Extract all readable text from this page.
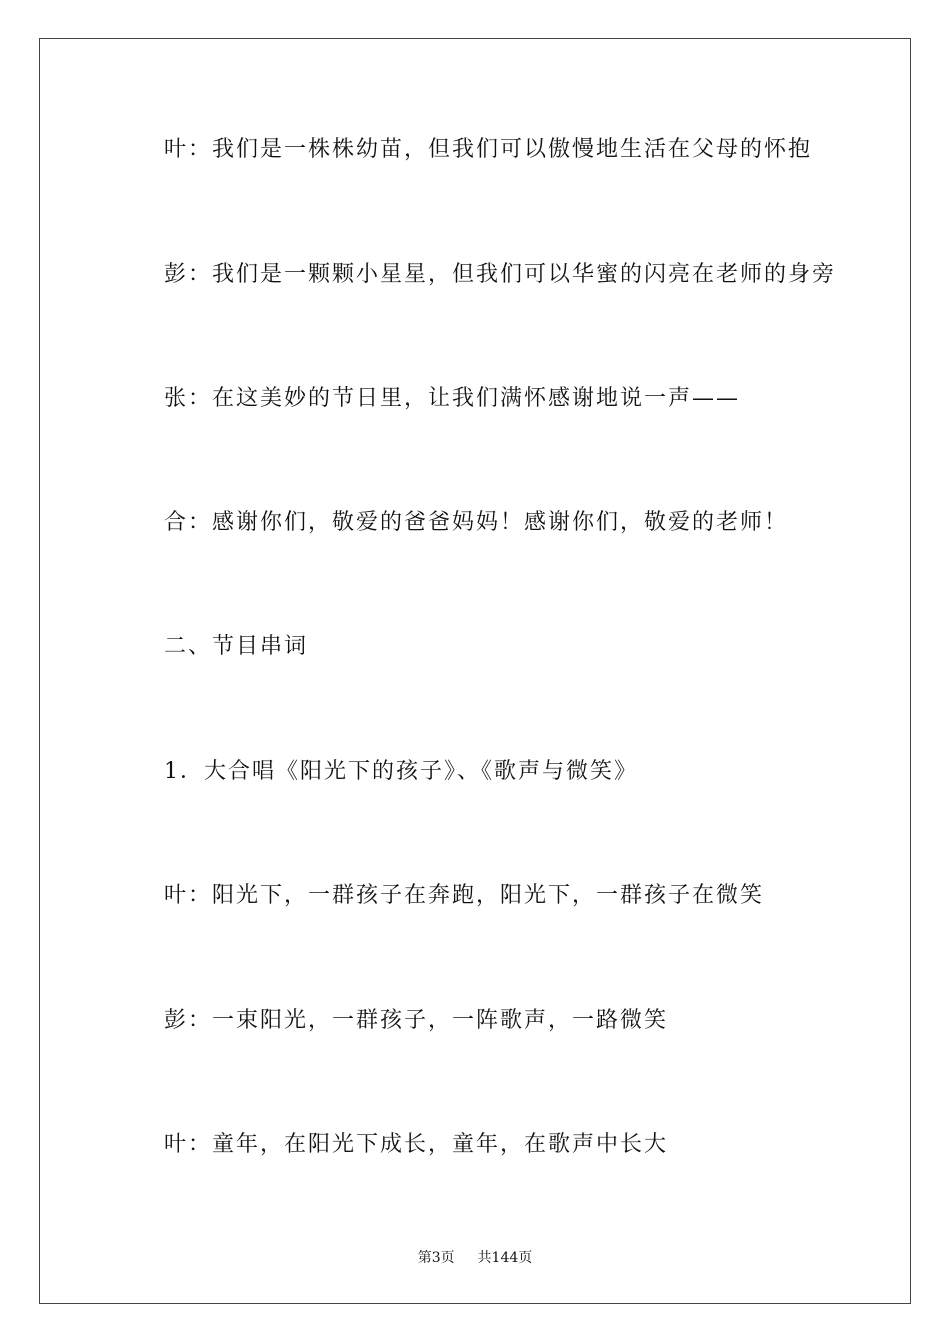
叶：我们是一株株幼苗，但我们可以傲慢地生活在父母的怀抱
彭：我们是一颗颗小星星，但我们可以华蜜的闪亮在老师的身旁
张：在这美妙的节日里，让我们满怀感谢地说一声——
合：感谢你们，敬爱的爸爸妈妈！感谢你们，敬爱的老师！
二、节目串词
1．大合唱《阳光下的孩子》、《歌声与微笑》
叶：阳光下，一群孩子在奔跑，阳光下，一群孩子在微笑
彭：一束阳光，一群孩子，一阵歌声，一路微笑
叶：童年，在阳光下成长，童年，在歌声中长大
第3页 共144页
